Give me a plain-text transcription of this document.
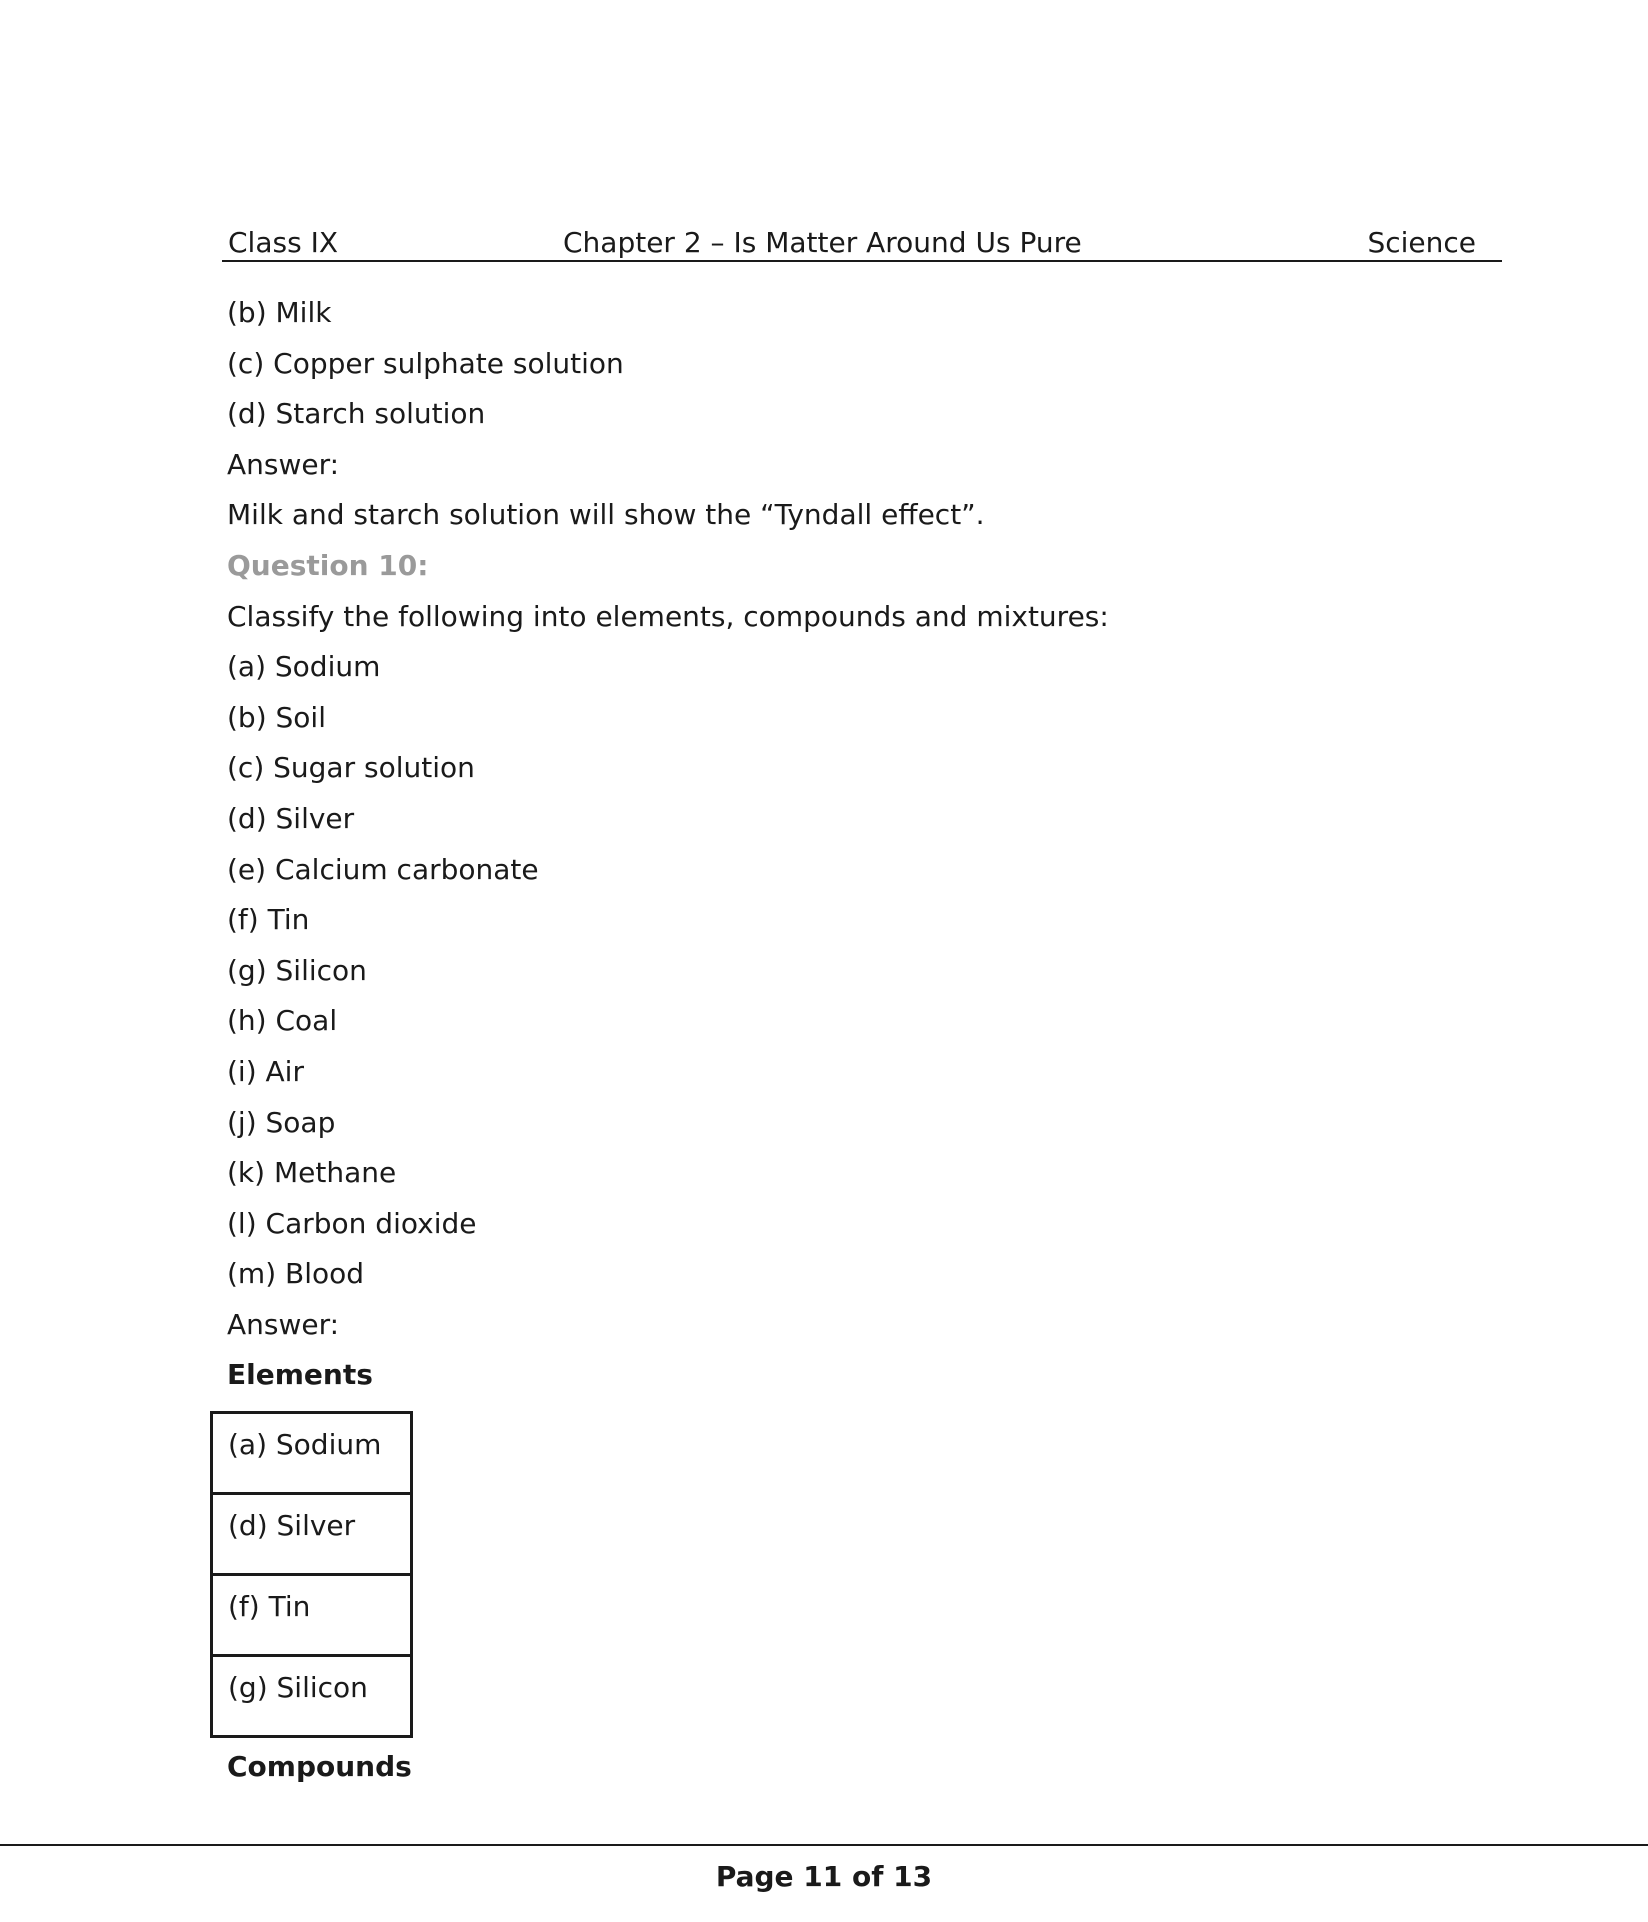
Class IX	Chapter 2 – Is Matter Around Us Pure	Science
(b) Milk
(c) Copper sulphate solution
(d) Starch solution
Answer:
Milk and starch solution will show the “Tyndall effect”.
Question 10:
Classify the following into elements, compounds and mixtures:
(a) Sodium
(b) Soil
(c) Sugar solution
(d) Silver
(e) Calcium carbonate
(f) Tin
(g) Silicon
(h) Coal
(i) Air
(j) Soap
(k) Methane
(l) Carbon dioxide
(m) Blood
Answer:
Elements
(a) Sodium
(d) Silver
(f) Tin
(g) Silicon
Compounds
Page 11 of 13
